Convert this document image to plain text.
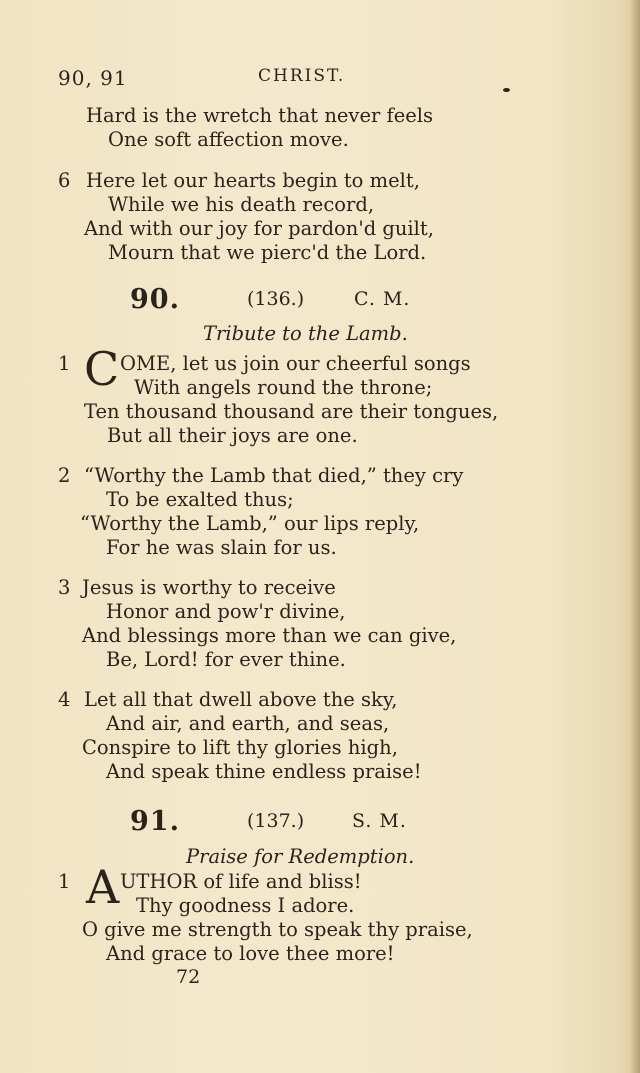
90, 91	CHRIST.
Hard is the wretch that never feels
One soft affection move.
6 Here let our hearts begin to melt,
While we his death record,
And with our joy for pardon'd guilt,
Mourn that we pierc'd the Lord.
90.	(136.)	C. M.
Tribute to the Lamb.
1 C OME, let us join our cheerful songs
With angels round the throne;
Ten thousand thousand are their tongues,
But all their joys are one.
2 “Worthy the Lamb that died,” they cry
To be exalted thus;
“Worthy the Lamb,” our lips reply,
For he was slain for us.
3 Jesus is worthy to receive
Honor and pow'r divine,
And blessings more than we can give,
Be, Lord! for ever thine.
4 Let all that dwell above the sky,
And air, and earth, and seas,
Conspire to lift thy glories high,
And speak thine endless praise!
91.	(137.)	S. M.
Praise for Redemption.
1 A UTHOR of life and bliss!
Thy goodness I adore.
O give me strength to speak thy praise,
And grace to love thee more!
72
